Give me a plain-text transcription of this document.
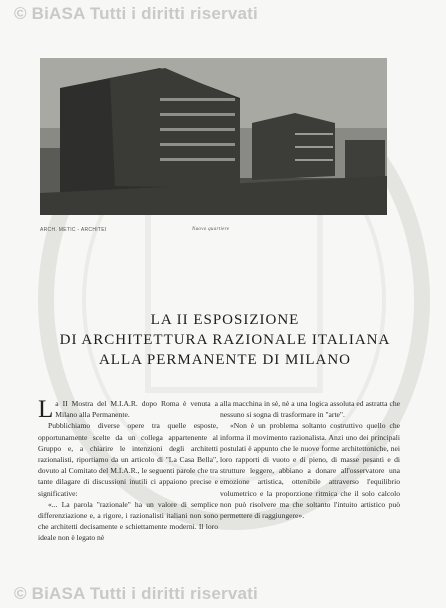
© BiASA Tutti i diritti riservati
ARCH. METIC - ARCHITEI	Nuovo quartiere
LA II ESPOSIZIONE
DI ARCHITETTURA RAZIONALE ITALIANA
ALLA PERMANENTE DI MILANO

La II Mostra del M.I.A.R. dopo Roma è venuta a Milano alla Permanente.

Pubblichiamo diverse opere tra quelle esposte, opportunamente scelte da un collega appartenente al Gruppo e, a chiarire le intenzioni degli architetti razionalisti, riportiamo da un articolo di "La Casa Bella", dovuto al Comitato del M.I.A.R., le seguenti parole che tra tante dilagare di discussioni inutili ci appaiono precise e significative:

«... La parola "razionale" ha un valore di semplice differenziazione e, a rigore, i razionalisti italiani non sono che architetti decisamente e schiettamente moderni. Il loro ideale non è legato nè

alla macchina in sè, nè a una logica assoluta ed astratta che nessuno si sogna di trasformare in "arte".

«Non è un problema soltanto costruttivo quello che informa il movimento razionalista. Anzi uno dei principali postulati è appunto che le nuove forme architettoniche, nei loro rapporti di vuoto e di pieno, di masse pesanti e di strutture leggere, abbiano a donare all'osservatore una emozione artistica, ottenibile attraverso l'equilibrio volumetrico e la proporzione ritmica che il solo calcolo non può risolvere ma che soltanto l'intuito artistico può permettere di raggiungere».

© BiASA Tutti i diritti riservati
